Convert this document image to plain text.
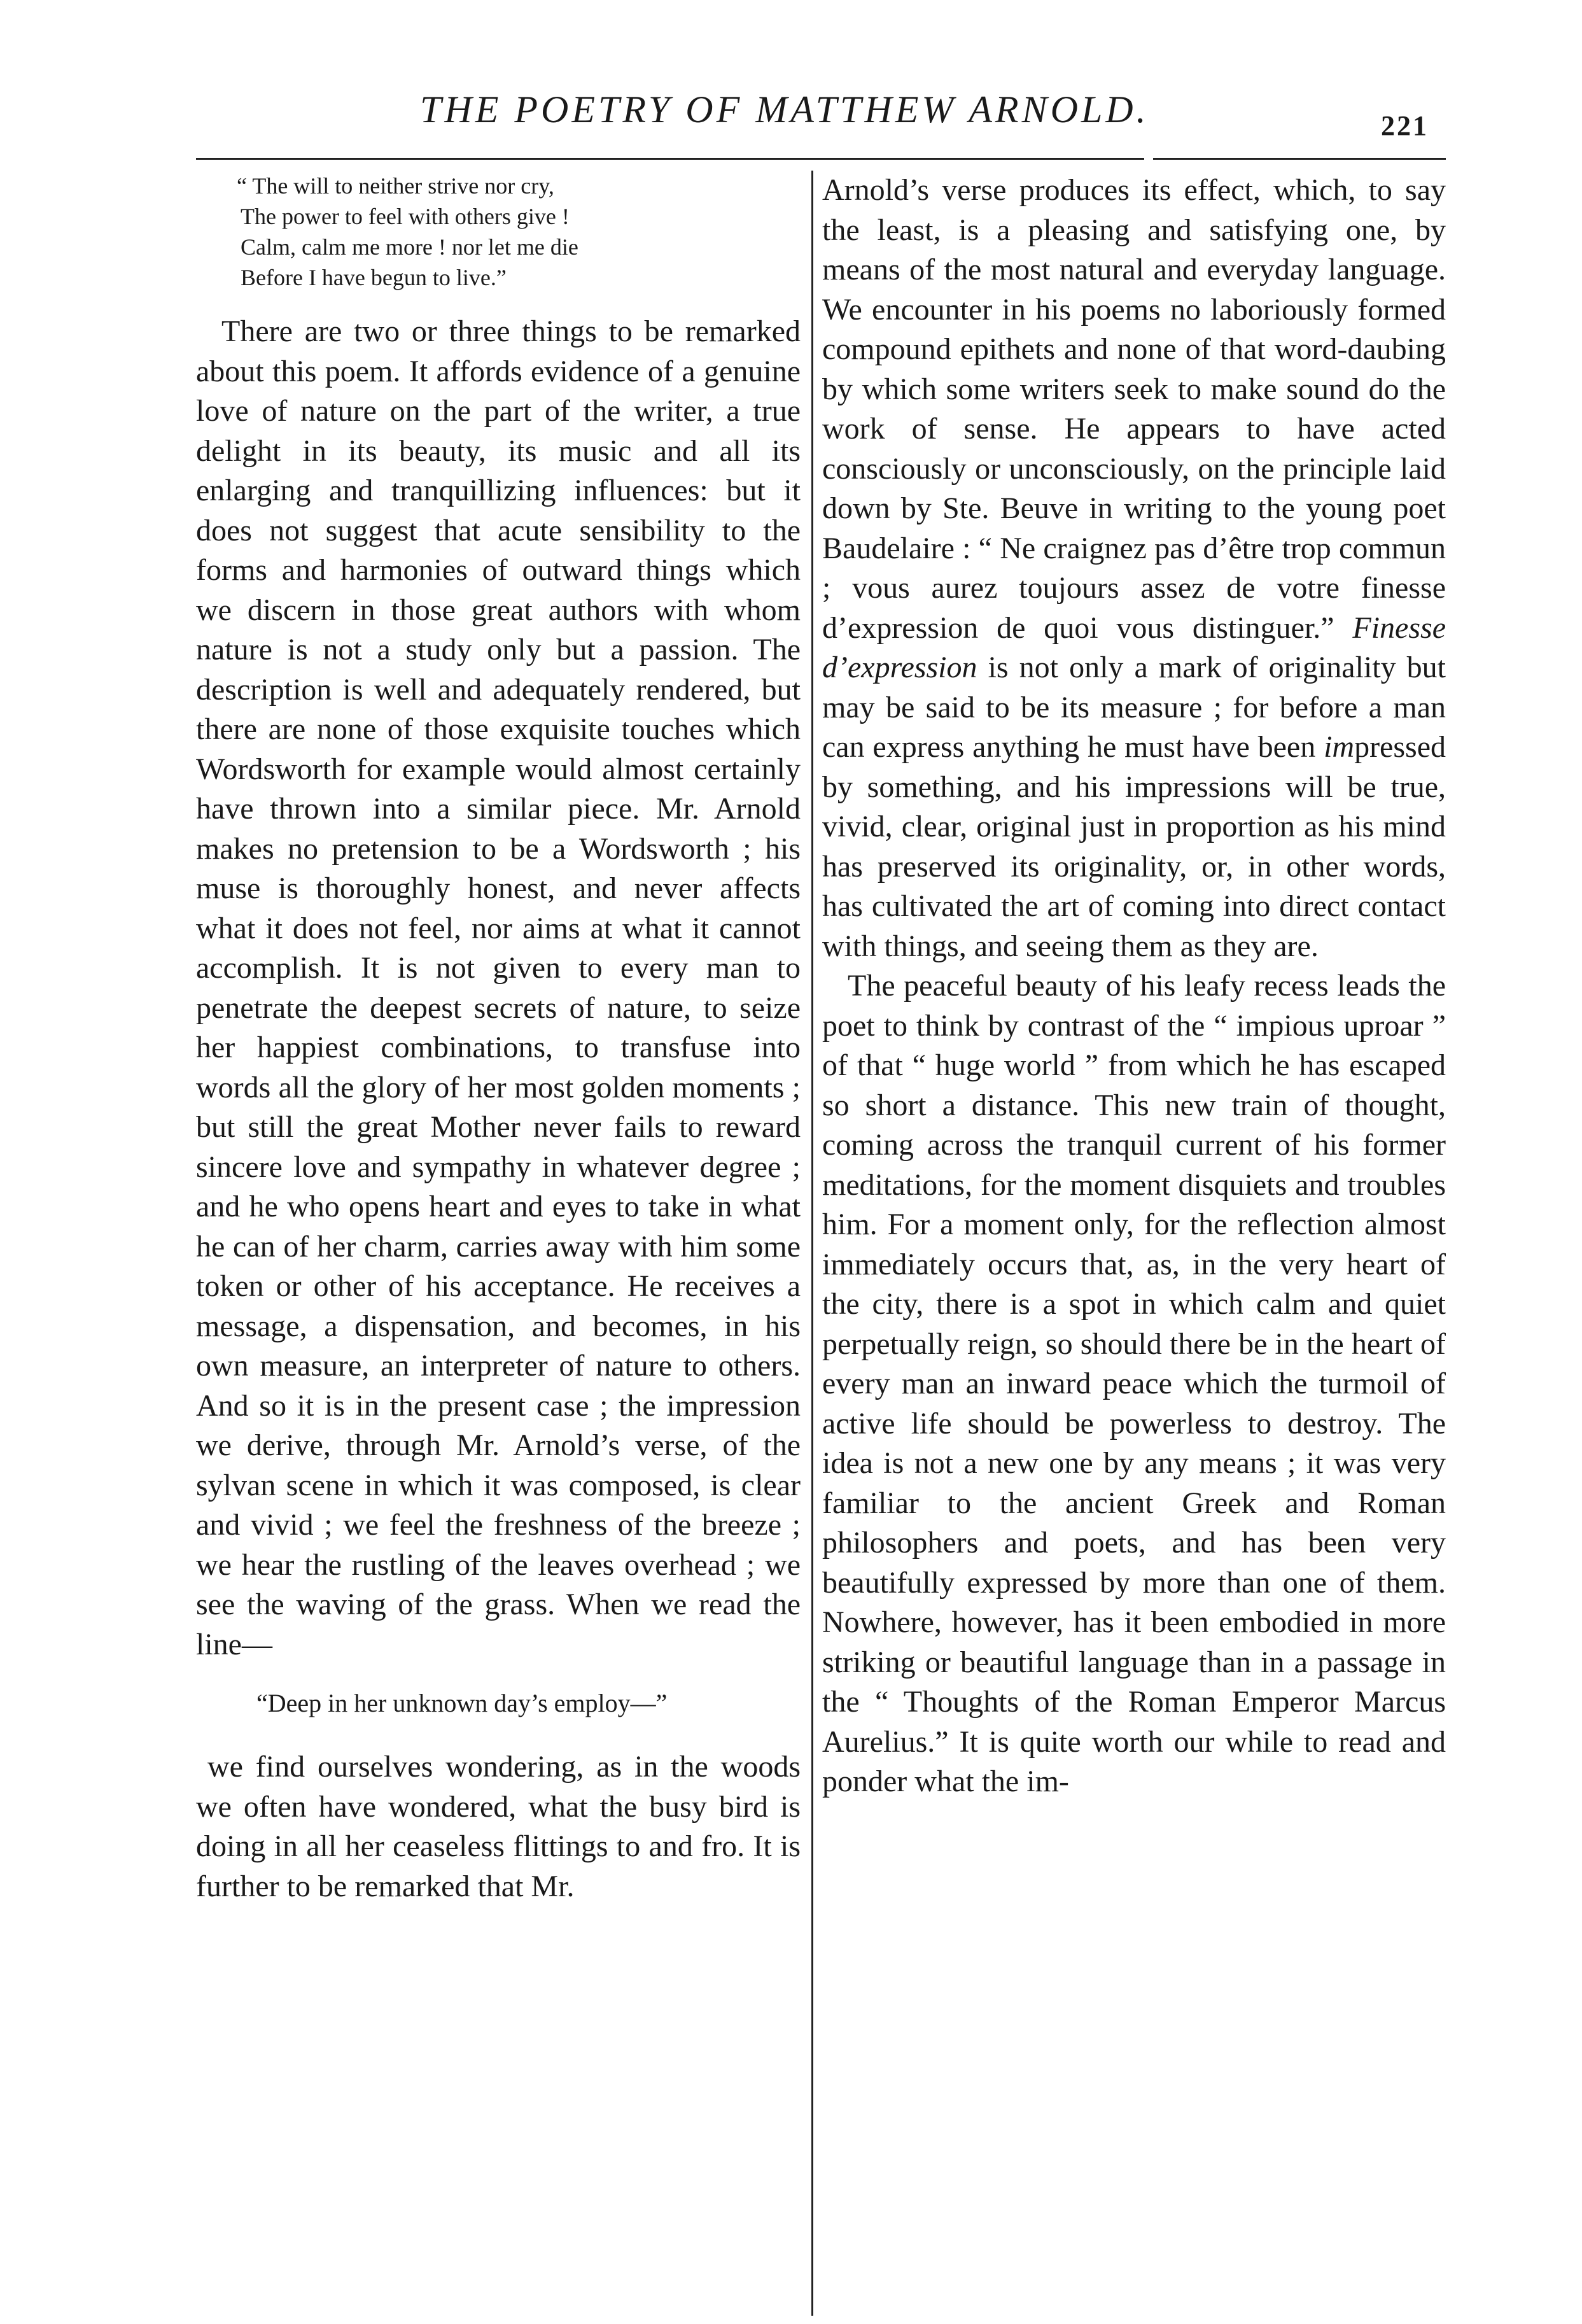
THE POETRY OF MATTHEW ARNOLD.	221
“ The will to neither strive nor cry,
The power to feel with others give !
Calm, calm me more ! nor let me die
Before I have begun to live.”

There are two or three things to be remarked about this poem. It affords evidence of a genuine love of nature on the part of the writer, a true delight in its beauty, its music and all its enlarging and tranquillizing influences: but it does not suggest that acute sensibility to the forms and harmonies of outward things which we discern in those great authors with whom nature is not a study only but a passion. The description is well and adequately rendered, but there are none of those exquisite touches which Wordsworth for example would almost certainly have thrown into a similar piece. Mr. Arnold makes no pretension to be a Wordsworth ; his muse is thoroughly honest, and never affects what it does not feel, nor aims at what it cannot accomplish. It is not given to every man to penetrate the deepest secrets of nature, to seize her happiest combinations, to transfuse into words all the glory of her most golden moments ; but still the great Mother never fails to reward sincere love and sympathy in whatever degree ; and he who opens heart and eyes to take in what he can of her charm, carries away with him some token or other of his acceptance. He receives a message, a dispensation, and becomes, in his own measure, an interpreter of nature to others. And so it is in the present case ; the impression we derive, through Mr. Arnold’s verse, of the sylvan scene in which it was composed, is clear and vivid ; we feel the freshness of the breeze ; we hear the rustling of the leaves overhead ; we see the waving of the grass. When we read the line—

“Deep in her unknown day’s employ—”

we find ourselves wondering, as in the woods we often have wondered, what the busy bird is doing in all her ceaseless flittings to and fro. It is further to be remarked that Mr.

Arnold’s verse produces its effect, which, to say the least, is a pleasing and satisfying one, by means of the most natural and everyday language. We encounter in his poems no laboriously formed compound epithets and none of that word-daubing by which some writers seek to make sound do the work of sense. He appears to have acted consciously or unconsciously, on the principle laid down by Ste. Beuve in writing to the young poet Baudelaire : “ Ne craignez pas d’être trop commun ; vous aurez toujours assez de votre finesse d’expression de quoi vous distinguer.” Finesse d’expression is not only a mark of originality but may be said to be its measure ; for before a man can express anything he must have been impressed by something, and his impressions will be true, vivid, clear, original just in proportion as his mind has preserved its originality, or, in other words, has cultivated the art of coming into direct contact with things, and seeing them as they are.

The peaceful beauty of his leafy recess leads the poet to think by contrast of the “ impious uproar ” of that “ huge world ” from which he has escaped so short a distance. This new train of thought, coming across the tranquil current of his former meditations, for the moment disquiets and troubles him. For a moment only, for the reflection almost immediately occurs that, as, in the very heart of the city, there is a spot in which calm and quiet perpetually reign, so should there be in the heart of every man an inward peace which the turmoil of active life should be powerless to destroy. The idea is not a new one by any means ; it was very familiar to the ancient Greek and Roman philosophers and poets, and has been very beautifully expressed by more than one of them. Nowhere, however, has it been embodied in more striking or beautiful language than in a passage in the “ Thoughts of the Roman Emperor Marcus Aurelius.” It is quite worth our while to read and ponder what the im-
